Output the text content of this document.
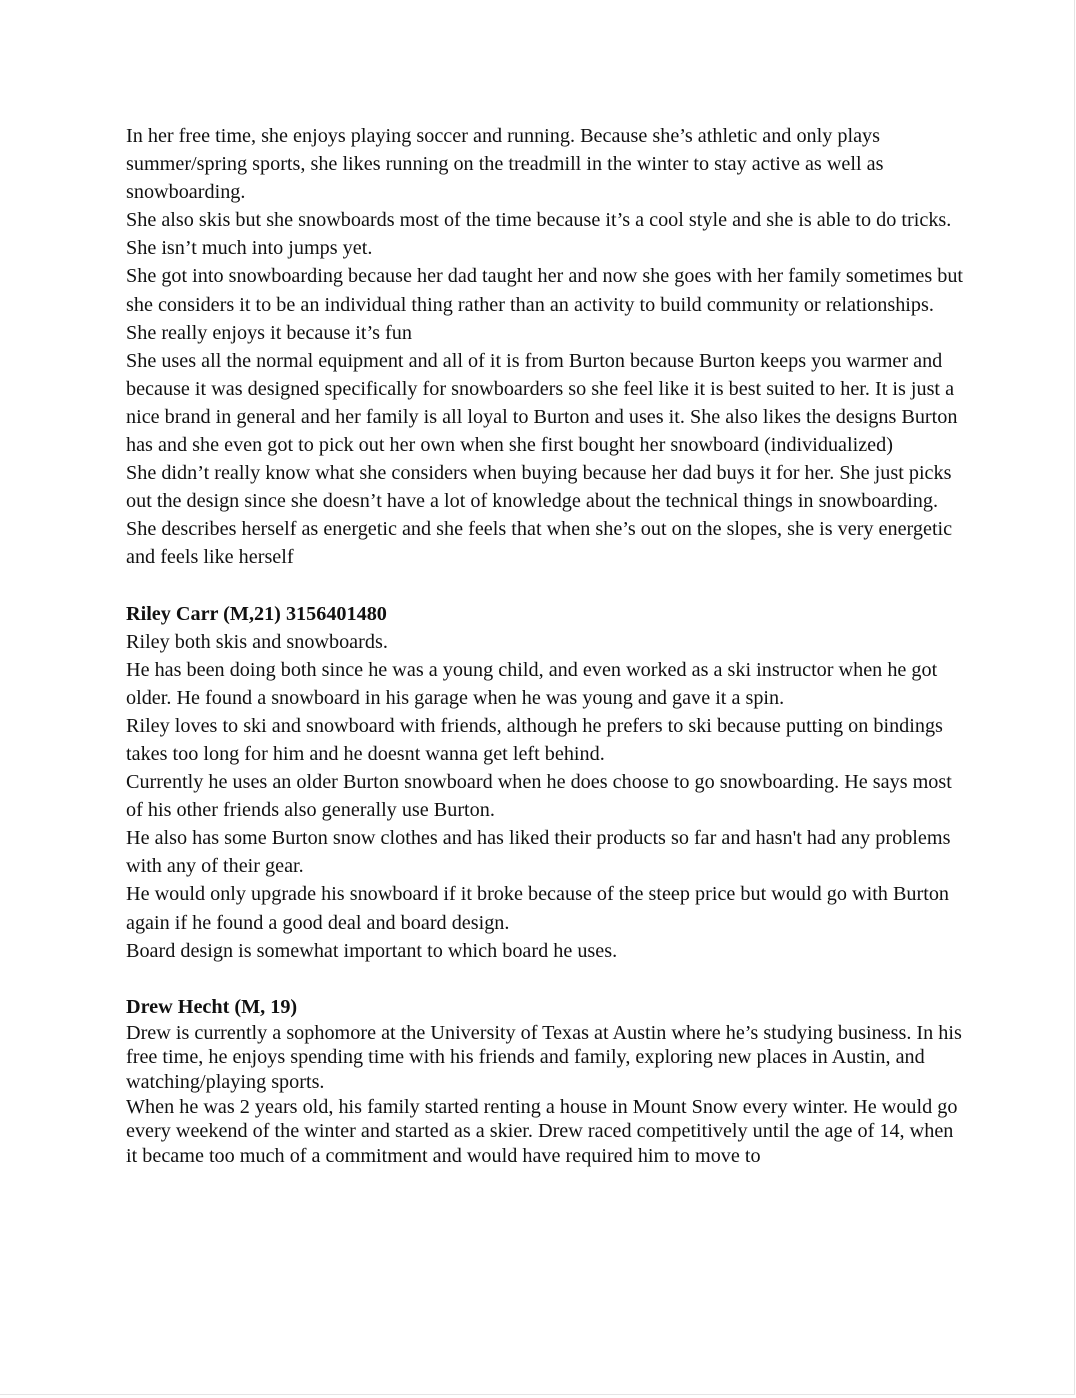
In her free time, she enjoys playing soccer and running. Because she’s athletic and only plays summer/spring sports, she likes running on the treadmill in the winter to stay active as well as snowboarding.

She also skis but she snowboards most of the time because it’s a cool style and she is able to do tricks. She isn’t much into jumps yet.

She got into snowboarding because her dad taught her and now she goes with her family sometimes but she considers it to be an individual thing rather than an activity to build community or relationships.

She really enjoys it because it’s fun

She uses all the normal equipment and all of it is from Burton because Burton keeps you warmer and because it was designed specifically for snowboarders so she feel like it is best suited to her. It is just a nice brand in general and her family is all loyal to Burton and uses it. She also likes the designs Burton has and she even got to pick out her own when she first bought her snowboard (individualized)

She didn’t really know what she considers when buying because her dad buys it for her. She just picks out the design since she doesn’t have a lot of knowledge about the technical things in snowboarding.

She describes herself as energetic and she feels that when she’s out on the slopes, she is very energetic and feels like herself

Riley Carr (M,21) 3156401480

Riley both skis and snowboards.

He has been doing both since he was a young child, and even worked as a ski instructor when he got older. He found a snowboard in his garage when he was young and gave it a spin.

Riley loves to ski and snowboard with friends, although he prefers to ski because putting on bindings takes too long for him and he doesnt wanna get left behind.

Currently he uses an older Burton snowboard when he does choose to go snowboarding. He says most of his other friends also generally use Burton.

He also has some Burton snow clothes and has liked their products so far and hasn't had any problems with any of their gear.

He would only upgrade his snowboard if it broke because of the steep price but would go with Burton again if he found a good deal and board design.

Board design is somewhat important to which board he uses.

Drew Hecht (M, 19)

Drew is currently a sophomore at the University of Texas at Austin where he’s studying business. In his free time, he enjoys spending time with his friends and family, exploring new places in Austin, and watching/playing sports.

When he was 2 years old, his family started renting a house in Mount Snow every winter. He would go every weekend of the winter and started as a skier. Drew raced competitively until the age of 14, when it became too much of a commitment and would have required him to move to
